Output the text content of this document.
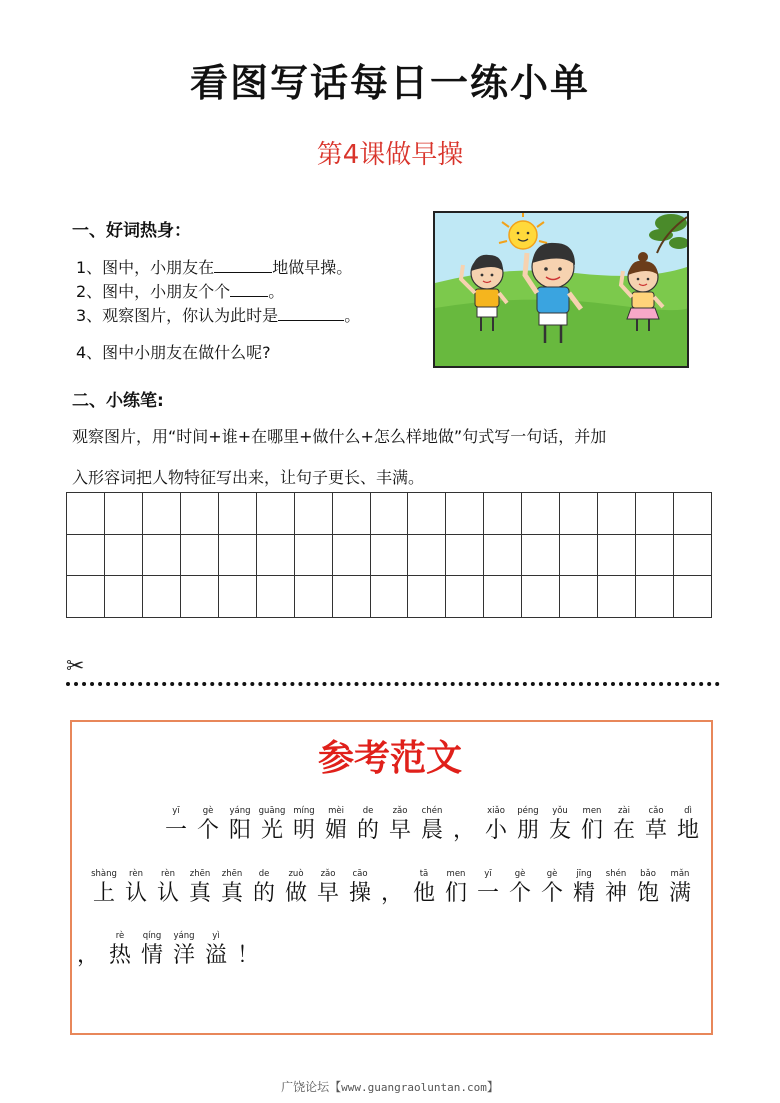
看图写话每日一练小单
第4课做早操
一、好词热身：
1、图中，小朋友在	地做早操。
2、图中，小朋友个个 。
3、观察图片，你认为此时是	。
4、图中小朋友在做什么呢?
二、小练笔:
观察图片，用“时间+谁+在哪里+做什么+怎么样地做”句式写一句话，并加
入形容词把人物特征写出来，让句子更长、丰满。
✂
参考范文
yī
一
gè
个
yáng
阳
guāng
光
míng
明
mèi
媚
de
的
zǎo
早
chén
晨 ，
xiǎo
小
péng
朋
yǒu
友
men
们
zài
在
cǎo
草
dì
地
shàng
上
rèn
认
rèn
认
zhēn
真
zhēn
真
de
的
zuò
做
zǎo
早
cāo
操 ，
tā
他
men
们
yī
一
gè
个
gè
个
jīng
精
shén
神
bǎo
饱
mǎn
满
，
rè
热
qíng
情
yáng
洋
yì
溢 ！
广饶论坛【www.guangraoluntan.com】
